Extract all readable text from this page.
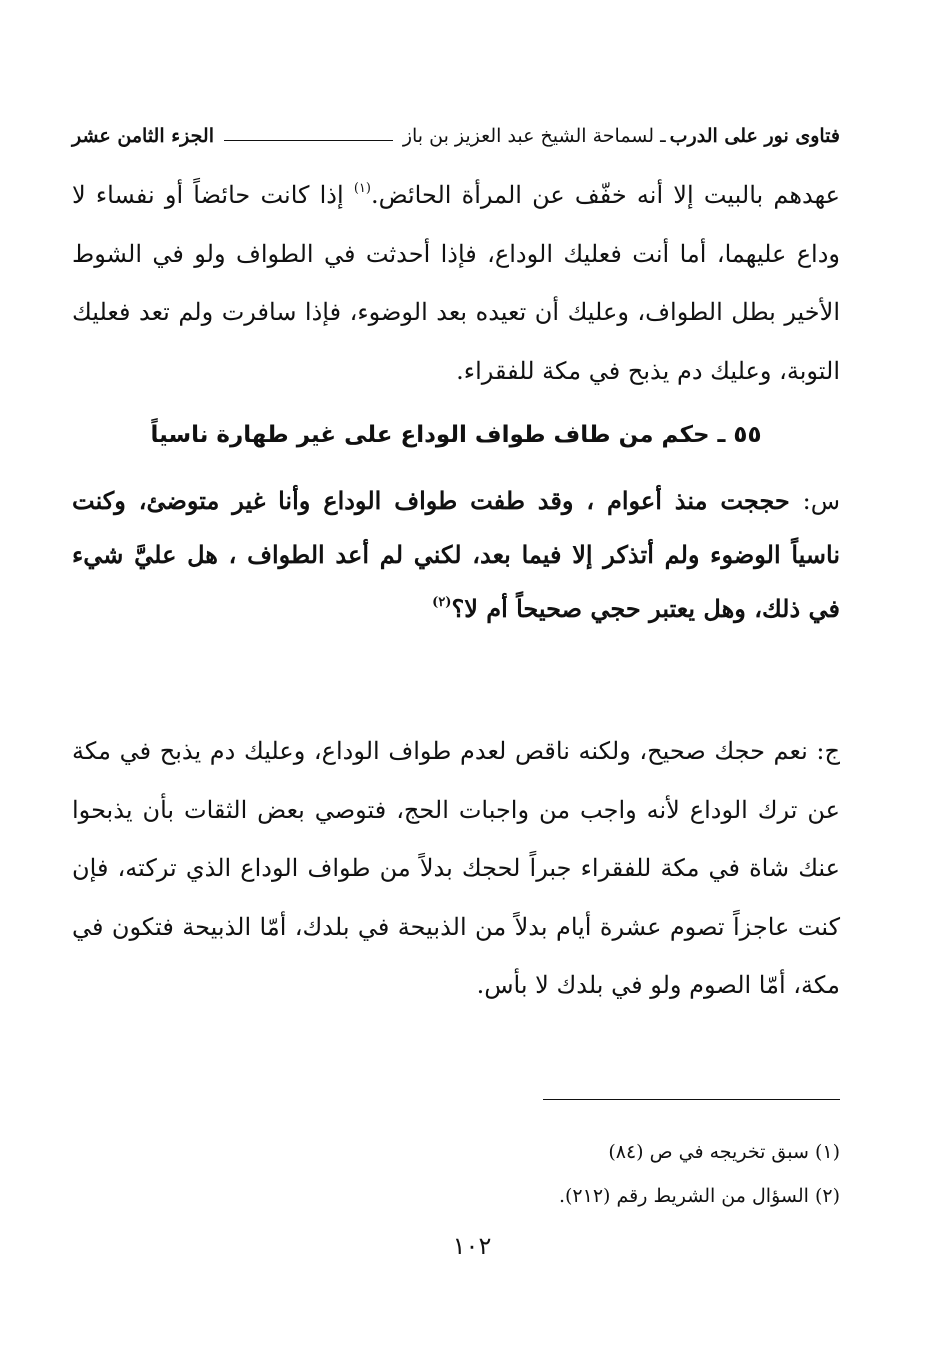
فتاوى نور على الدرب
ـ لسماحة الشيخ عبد العزيز بن باز
الجزء الثامن عشر
عهدهم بالبيت إلا أنه خفّف عن المرأة الحائض.$^{(١)}$ إذا كانت حائضاً أو نفساء لا وداع عليهما، أما أنت فعليك الوداع، فإذا أحدثت في الطواف ولو في الشوط الأخير بطل الطواف، وعليك أن تعيده بعد الوضوء، فإذا سافرت ولم تعد فعليك التوبة، وعليك دم يذبح في مكة للفقراء.
٥٥ ـ حكم من طاف طواف الوداع على غير طهارة ناسياً
س: حججت منذ أعوام ، وقد طفت طواف الوداع وأنا غير متوضئ، وكنت ناسياً الوضوء ولم أتذكر إلا فيما بعد، لكني لم أعد الطواف ، هل عليَّ شيء في ذلك، وهل يعتبر حجي صحيحاً أم لا؟$^{(٢)}$
ج: نعم حجك صحيح، ولكنه ناقص لعدم طواف الوداع، وعليك دم يذبح في مكة عن ترك الوداع لأنه واجب من واجبات الحج، فتوصي بعض الثقات بأن يذبحوا عنك شاة في مكة للفقراء جبراً لحجك بدلاً من طواف الوداع الذي تركته، فإن كنت عاجزاً تصوم عشرة أيام بدلاً من الذبيحة في بلدك، أمّا الذبيحة فتكون في مكة، أمّا الصوم ولو في بلدك لا بأس.
(١) سبق تخريجه في ص (٨٤)
(٢) السؤال من الشريط رقم (٢١٢).
١٠٢
